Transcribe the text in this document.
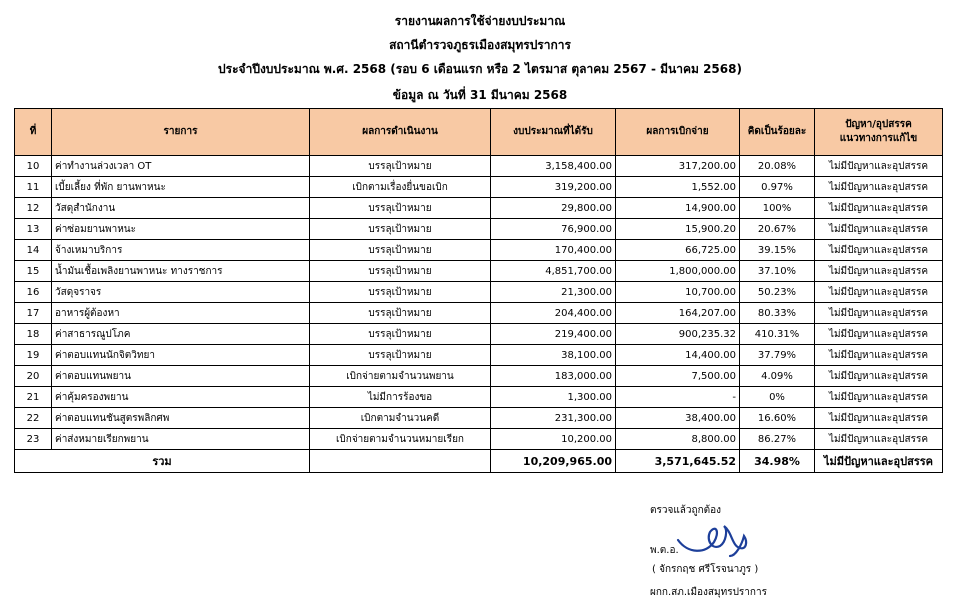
รายงานผลการใช้จ่ายงบประมาณ
สถานีตำรวจภูธรเมืองสมุทรปราการ
ประจำปีงบประมาณ พ.ศ. 2568 (รอบ 6 เดือนแรก หรือ 2 ไตรมาส ตุลาคม 2567 - มีนาคม 2568)
ข้อมูล ณ วันที่ 31 มีนาคม 2568
ที่	รายการ	ผลการดำเนินงาน	งบประมาณที่ได้รับ	ผลการเบิกจ่าย	คิดเป็นร้อยละ	ปัญหา/อุปสรรค
แนวทางการแก้ไข
10	ค่าทำงานล่วงเวลา OT	บรรลุเป้าหมาย	3,158,400.00	317,200.00	20.08%	ไม่มีปัญหาและอุปสรรค
11	เบี้ยเลี้ยง ที่พัก ยานพาหนะ	เบิกตามเรื่องยื่นขอเบิก	319,200.00	1,552.00	0.97%	ไม่มีปัญหาและอุปสรรค
12	วัสดุสำนักงาน	บรรลุเป้าหมาย	29,800.00	14,900.00	100%	ไม่มีปัญหาและอุปสรรค
13	ค่าซ่อมยานพาหนะ	บรรลุเป้าหมาย	76,900.00	15,900.20	20.67%	ไม่มีปัญหาและอุปสรรค
14	จ้างเหมาบริการ	บรรลุเป้าหมาย	170,400.00	66,725.00	39.15%	ไม่มีปัญหาและอุปสรรค
15	น้ำมันเชื้อเพลิงยานพาหนะ ทางราชการ	บรรลุเป้าหมาย	4,851,700.00	1,800,000.00	37.10%	ไม่มีปัญหาและอุปสรรค
16	วัสดุจราจร	บรรลุเป้าหมาย	21,300.00	10,700.00	50.23%	ไม่มีปัญหาและอุปสรรค
17	อาหารผู้ต้องหา	บรรลุเป้าหมาย	204,400.00	164,207.00	80.33%	ไม่มีปัญหาและอุปสรรค
18	ค่าสาธารณูปโภค	บรรลุเป้าหมาย	219,400.00	900,235.32	410.31%	ไม่มีปัญหาและอุปสรรค
19	ค่าตอบแทนนักจิตวิทยา	บรรลุเป้าหมาย	38,100.00	14,400.00	37.79%	ไม่มีปัญหาและอุปสรรค
20	ค่าตอบแทนพยาน	เบิกจ่ายตามจำนวนพยาน	183,000.00	7,500.00	4.09%	ไม่มีปัญหาและอุปสรรค
21	ค่าคุ้มครองพยาน	ไม่มีการร้องขอ	1,300.00	-	0%	ไม่มีปัญหาและอุปสรรค
22	ค่าตอบแทนชันสูตรพลิกศพ	เบิกตามจำนวนคดี	231,300.00	38,400.00	16.60%	ไม่มีปัญหาและอุปสรรค
23	ค่าส่งหมายเรียกพยาน	เบิกจ่ายตามจำนวนหมายเรียก	10,200.00	8,800.00	86.27%	ไม่มีปัญหาและอุปสรรค
รวม			10,209,965.00	3,571,645.52	34.98%	ไม่มีปัญหาและอุปสรรค
ตรวจแล้วถูกต้อง
พ.ต.อ.
( จักรกฤช ศรีโรจนาภูร )
ผกก.สภ.เมืองสมุทรปราการ
